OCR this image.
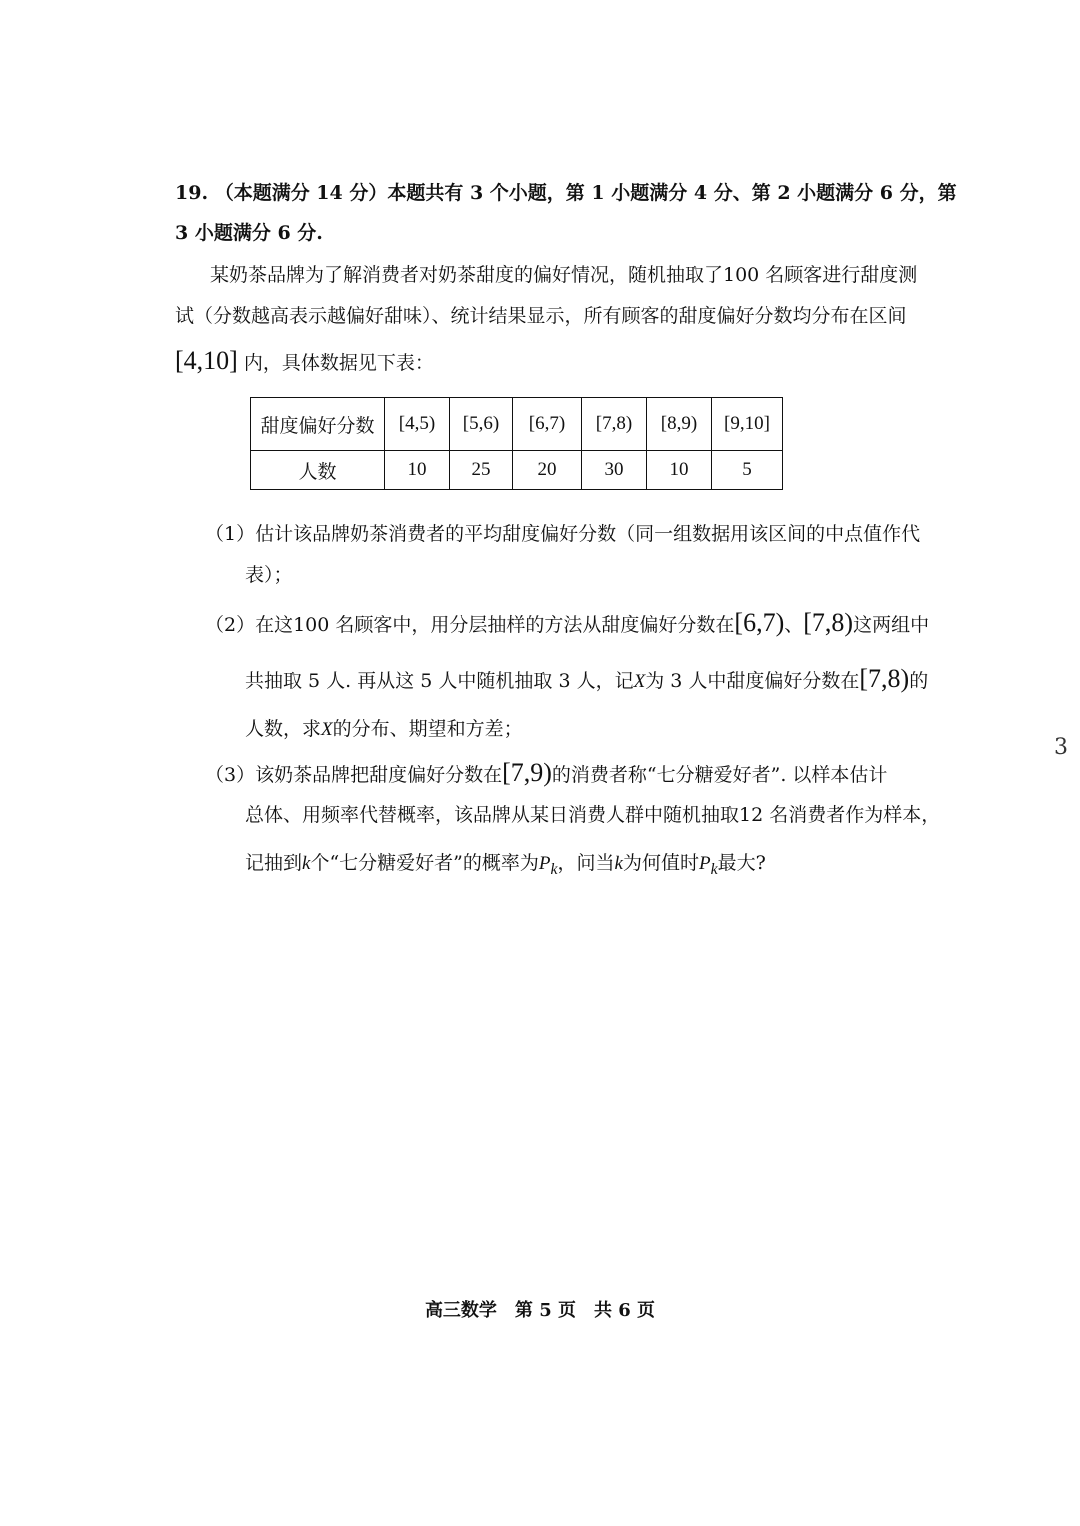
19. （本题满分 14 分）本题共有 3 个小题，第 1 小题满分 4 分、第 2 小题满分 6 分，第
3 小题满分 6 分.
某奶茶品牌为了解消费者对奶茶甜度的偏好情况，随机抽取了100 名顾客进行甜度测
试（分数越高表示越偏好甜味）、统计结果显示，所有顾客的甜度偏好分数均分布在区间
[4,10] 内，具体数据见下表：
甜度偏好分数	[4,5)	[5,6)	[6,7)	[7,8)	[8,9)	[9,10]
人数	10	25	20	30	10	5
（1）估计该品牌奶茶消费者的平均甜度偏好分数（同一组数据用该区间的中点值作代
表）；
（2）在这100 名顾客中，用分层抽样的方法从甜度偏好分数在[6,7)、[7,8)这两组中
共抽取 5 人. 再从这 5 人中随机抽取 3 人，记X为 3 人中甜度偏好分数在[7,8)的
人数，求X的分布、期望和方差；
（3）该奶茶品牌把甜度偏好分数在[7,9)的消费者称“七分糖爱好者”. 以样本估计
总体、用频率代替概率，该品牌从某日消费人群中随机抽取12 名消费者作为样本，
记抽到k个“七分糖爱好者”的概率为$P_k$，问当k为何值时$P_k$最大?
3
高三数学　第 5 页　共 6 页
